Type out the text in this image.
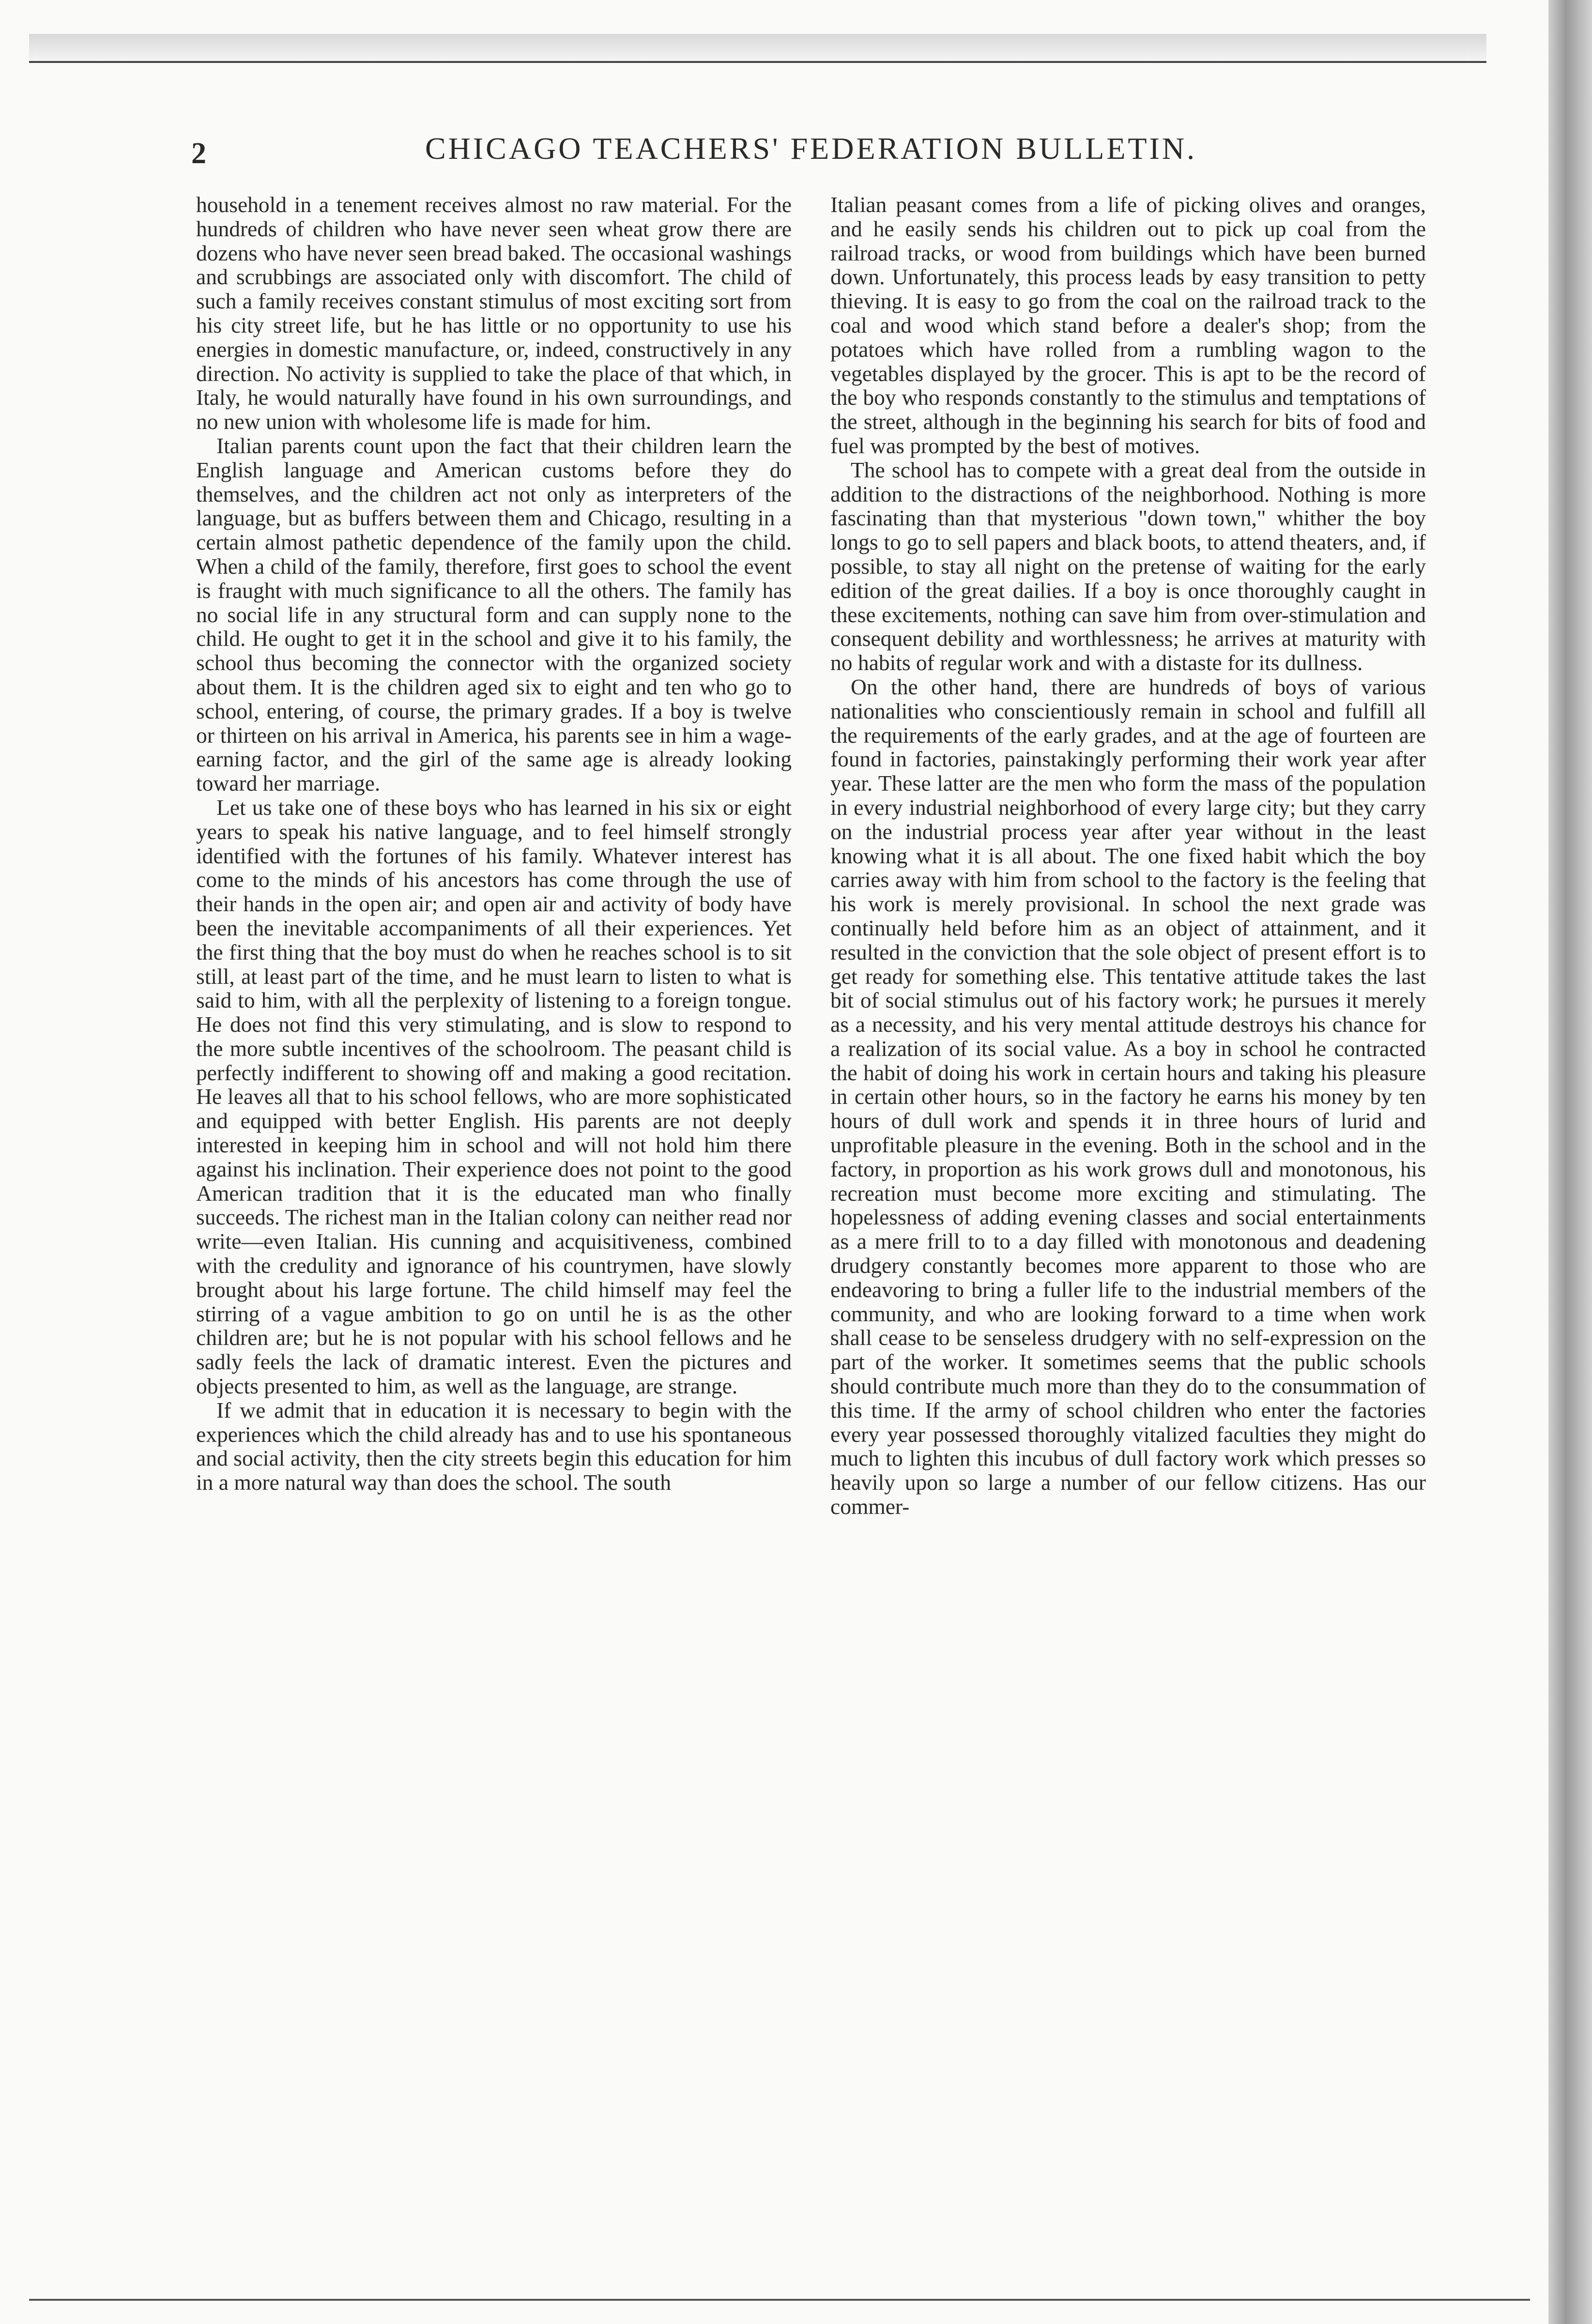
2	CHICAGO TEACHERS' FEDERATION BULLETIN.

household in a tenement receives almost no raw material. For the hundreds of children who have never seen wheat grow there are dozens who have never seen bread baked. The occasional washings and scrubbings are associated only with discomfort. The child of such a family receives constant stimulus of most exciting sort from his city street life, but he has little or no opportunity to use his energies in domestic manufacture, or, indeed, constructively in any direction. No activity is supplied to take the place of that which, in Italy, he would naturally have found in his own surroundings, and no new union with wholesome life is made for him.

Italian parents count upon the fact that their children learn the English language and American customs before they do themselves, and the children act not only as interpreters of the language, but as buffers between them and Chicago, resulting in a certain almost pathetic dependence of the family upon the child. When a child of the family, therefore, first goes to school the event is fraught with much significance to all the others. The family has no social life in any structural form and can supply none to the child. He ought to get it in the school and give it to his family, the school thus becoming the connector with the organized society about them. It is the children aged six to eight and ten who go to school, entering, of course, the primary grades. If a boy is twelve or thirteen on his arrival in America, his parents see in him a wage-earning factor, and the girl of the same age is already looking toward her marriage.

Let us take one of these boys who has learned in his six or eight years to speak his native language, and to feel himself strongly identified with the fortunes of his family. Whatever interest has come to the minds of his ancestors has come through the use of their hands in the open air; and open air and activity of body have been the inevitable accompaniments of all their experiences. Yet the first thing that the boy must do when he reaches school is to sit still, at least part of the time, and he must learn to listen to what is said to him, with all the perplexity of listening to a foreign tongue. He does not find this very stimulating, and is slow to respond to the more subtle incentives of the schoolroom. The peasant child is perfectly indifferent to showing off and making a good recitation. He leaves all that to his school fellows, who are more sophisticated and equipped with better English. His parents are not deeply interested in keeping him in school and will not hold him there against his inclination. Their experience does not point to the good American tradition that it is the educated man who finally succeeds. The richest man in the Italian colony can neither read nor write—even Italian. His cunning and acquisitiveness, combined with the credulity and ignorance of his countrymen, have slowly brought about his large fortune. The child himself may feel the stirring of a vague ambition to go on until he is as the other children are; but he is not popular with his school fellows and he sadly feels the lack of dramatic interest. Even the pictures and objects presented to him, as well as the language, are strange.

If we admit that in education it is necessary to begin with the experiences which the child already has and to use his spontaneous and social activity, then the city streets begin this education for him in a more natural way than does the school. The south

Italian peasant comes from a life of picking olives and oranges, and he easily sends his children out to pick up coal from the railroad tracks, or wood from buildings which have been burned down. Unfortunately, this process leads by easy transition to petty thieving. It is easy to go from the coal on the railroad track to the coal and wood which stand before a dealer's shop; from the potatoes which have rolled from a rumbling wagon to the vegetables displayed by the grocer. This is apt to be the record of the boy who responds constantly to the stimulus and temptations of the street, although in the beginning his search for bits of food and fuel was prompted by the best of motives.

The school has to compete with a great deal from the outside in addition to the distractions of the neighborhood. Nothing is more fascinating than that mysterious "down town," whither the boy longs to go to sell papers and black boots, to attend theaters, and, if possible, to stay all night on the pretense of waiting for the early edition of the great dailies. If a boy is once thoroughly caught in these excitements, nothing can save him from over-stimulation and consequent debility and worthlessness; he arrives at maturity with no habits of regular work and with a distaste for its dullness.

On the other hand, there are hundreds of boys of various nationalities who conscientiously remain in school and fulfill all the requirements of the early grades, and at the age of fourteen are found in factories, painstakingly performing their work year after year. These latter are the men who form the mass of the population in every industrial neighborhood of every large city; but they carry on the industrial process year after year without in the least knowing what it is all about. The one fixed habit which the boy carries away with him from school to the factory is the feeling that his work is merely provisional. In school the next grade was continually held before him as an object of attainment, and it resulted in the conviction that the sole object of present effort is to get ready for something else. This tentative attitude takes the last bit of social stimulus out of his factory work; he pursues it merely as a necessity, and his very mental attitude destroys his chance for a realization of its social value. As a boy in school he contracted the habit of doing his work in certain hours and taking his pleasure in certain other hours, so in the factory he earns his money by ten hours of dull work and spends it in three hours of lurid and unprofitable pleasure in the evening. Both in the school and in the factory, in proportion as his work grows dull and monotonous, his recreation must become more exciting and stimulating. The hopelessness of adding evening classes and social entertainments as a mere frill to to a day filled with monotonous and deadening drudgery constantly becomes more apparent to those who are endeavoring to bring a fuller life to the industrial members of the community, and who are looking forward to a time when work shall cease to be senseless drudgery with no self-expression on the part of the worker. It sometimes seems that the public schools should contribute much more than they do to the consummation of this time. If the army of school children who enter the factories every year possessed thoroughly vitalized faculties they might do much to lighten this incubus of dull factory work which presses so heavily upon so large a number of our fellow citizens. Has our commer-
